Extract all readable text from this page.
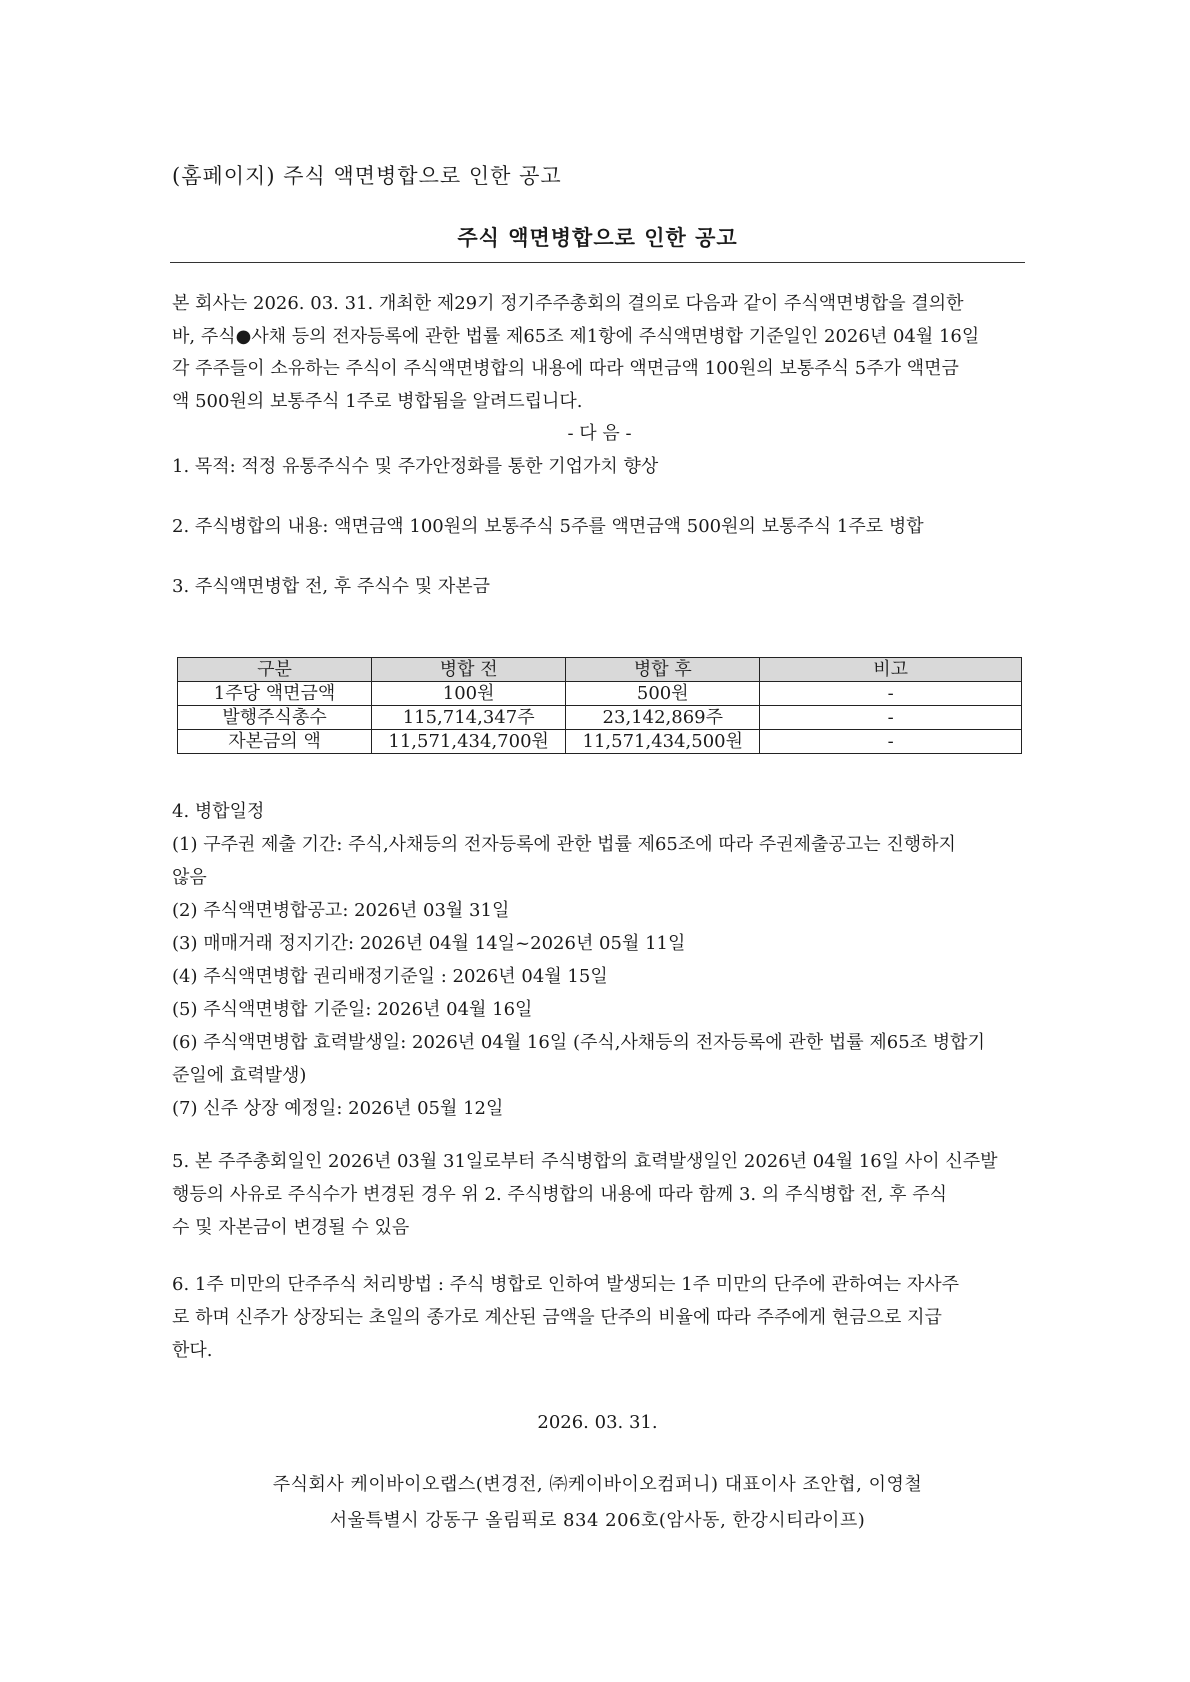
(홈페이지) 주식 액면병합으로 인한 공고
주식 액면병합으로 인한 공고
본 회사는 2026. 03. 31. 개최한 제29기 정기주주총회의 결의로 다음과 같이 주식액면병합을 결의한
바, 주식●사채 등의 전자등록에 관한 법률 제65조 제1항에 주식액면병합 기준일인 2026년 04월 16일
각 주주들이 소유하는 주식이 주식액면병합의 내용에 따라 액면금액 100원의 보통주식 5주가 액면금
액 500원의 보통주식 1주로 병합됨을 알려드립니다.
- 다 음 -
1. 목적: 적정 유통주식수 및 주가안정화를 통한 기업가치 향상
2. 주식병합의 내용: 액면금액 100원의 보통주식 5주를 액면금액 500원의 보통주식 1주로 병합
3. 주식액면병합 전, 후 주식수 및 자본금
구분	병합 전	병합 후	비고
1주당 액면금액	100원	500원	-
발행주식총수	115,714,347주	23,142,869주	-
자본금의 액	11,571,434,700원	11,571,434,500원	-
4. 병합일정
(1) 구주권 제출 기간: 주식,사채등의 전자등록에 관한 법률 제65조에 따라 주권제출공고는 진행하지
않음
(2) 주식액면병합공고: 2026년 03월 31일
(3) 매매거래 정지기간: 2026년 04월 14일~2026년 05월 11일
(4) 주식액면병합 권리배정기준일 : 2026년 04월 15일
(5) 주식액면병합 기준일: 2026년 04월 16일
(6) 주식액면병합 효력발생일: 2026년 04월 16일 (주식,사채등의 전자등록에 관한 법률 제65조 병합기
준일에 효력발생)
(7) 신주 상장 예정일: 2026년 05월 12일
5. 본 주주총회일인 2026년 03월 31일로부터 주식병합의 효력발생일인 2026년 04월 16일 사이 신주발
행등의 사유로 주식수가 변경된 경우 위 2. 주식병합의 내용에 따라 함께 3. 의 주식병합 전, 후 주식
수 및 자본금이 변경될 수 있음
6. 1주 미만의 단주주식 처리방법 : 주식 병합로 인하여 발생되는 1주 미만의 단주에 관하여는 자사주
로 하며 신주가 상장되는 초일의 종가로 계산된 금액을 단주의 비율에 따라 주주에게 현금으로 지급
한다.
2026. 03. 31.
주식회사 케이바이오랩스(변경전, ㈜케이바이오컴퍼니) 대표이사 조안협, 이영철
서울특별시 강동구 올림픽로 834 206호(암사동, 한강시티라이프)
